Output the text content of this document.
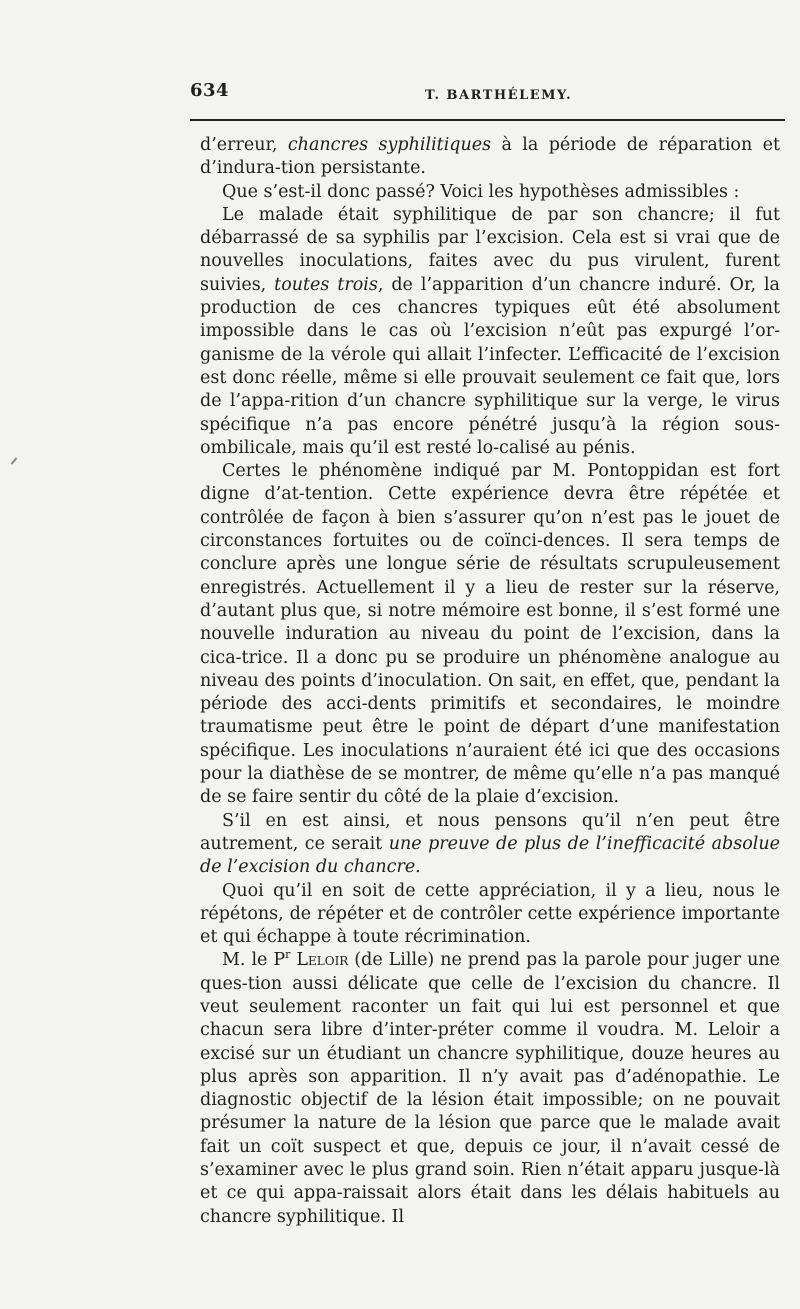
634	T. BARTHÉLEMY.

d’erreur, chancres syphilitiques à la période de réparation et d’indura-tion persistante.

Que s’est-il donc passé? Voici les hypothèses admissibles :

Le malade était syphilitique de par son chancre; il fut débarrassé de sa syphilis par l’excision. Cela est si vrai que de nouvelles inoculations, faites avec du pus virulent, furent suivies, toutes trois, de l’apparition d’un chancre induré. Or, la production de ces chancres typiques eût été absolument impossible dans le cas où l’excision n’eût pas expurgé l’or-ganisme de la vérole qui allait l’infecter. L’efficacité de l’excision est donc réelle, même si elle prouvait seulement ce fait que, lors de l’appa-rition d’un chancre syphilitique sur la verge, le virus spécifique n’a pas encore pénétré jusqu’à la région sous-ombilicale, mais qu’il est resté lo-calisé au pénis.

Certes le phénomène indiqué par M. Pontoppidan est fort digne d’at-tention. Cette expérience devra être répétée et contrôlée de façon à bien s’assurer qu’on n’est pas le jouet de circonstances fortuites ou de coïnci-dences. Il sera temps de conclure après une longue série de résultats scrupuleusement enregistrés. Actuellement il y a lieu de rester sur la réserve, d’autant plus que, si notre mémoire est bonne, il s’est formé une nouvelle induration au niveau du point de l’excision, dans la cica-trice. Il a donc pu se produire un phénomène analogue au niveau des points d’inoculation. On sait, en effet, que, pendant la période des acci-dents primitifs et secondaires, le moindre traumatisme peut être le point de départ d’une manifestation spécifique. Les inoculations n’auraient été ici que des occasions pour la diathèse de se montrer, de même qu’elle n’a pas manqué de se faire sentir du côté de la plaie d’excision.

S’il en est ainsi, et nous pensons qu’il n’en peut être autrement, ce serait une preuve de plus de l’inefficacité absolue de l’excision du chancre.

Quoi qu’il en soit de cette appréciation, il y a lieu, nous le répétons, de répéter et de contrôler cette expérience importante et qui échappe à toute récrimination.

M. le $P^r$ Leloir (de Lille) ne prend pas la parole pour juger une ques-tion aussi délicate que celle de l’excision du chancre. Il veut seulement raconter un fait qui lui est personnel et que chacun sera libre d’inter-préter comme il voudra. M. Leloir a excisé sur un étudiant un chancre syphilitique, douze heures au plus après son apparition. Il n’y avait pas d’adénopathie. Le diagnostic objectif de la lésion était impossible; on ne pouvait présumer la nature de la lésion que parce que le malade avait fait un coït suspect et que, depuis ce jour, il n’avait cessé de s’examiner avec le plus grand soin. Rien n’était apparu jusque-là et ce qui appa-raissait alors était dans les délais habituels au chancre syphilitique. Il
